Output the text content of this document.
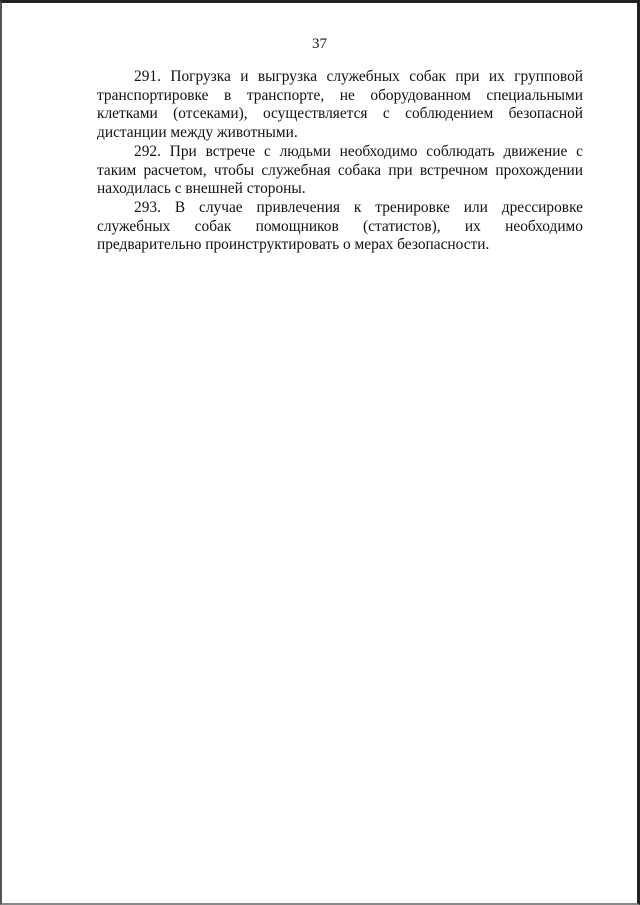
37

291. Погрузка и выгрузка служебных собак при их групповой транспортировке в транспорте, не оборудованном специальными клетками (отсеками), осуществляется с соблюдением безопасной дистанции между животными.

292. При встрече с людьми необходимо соблюдать движение с таким расчетом, чтобы служебная собака при встречном прохождении находилась с внешней стороны.

293. В случае привлечения к тренировке или дрессировке служебных собак помощников (статистов), их необходимо предварительно проинструктировать о мерах безопасности.
